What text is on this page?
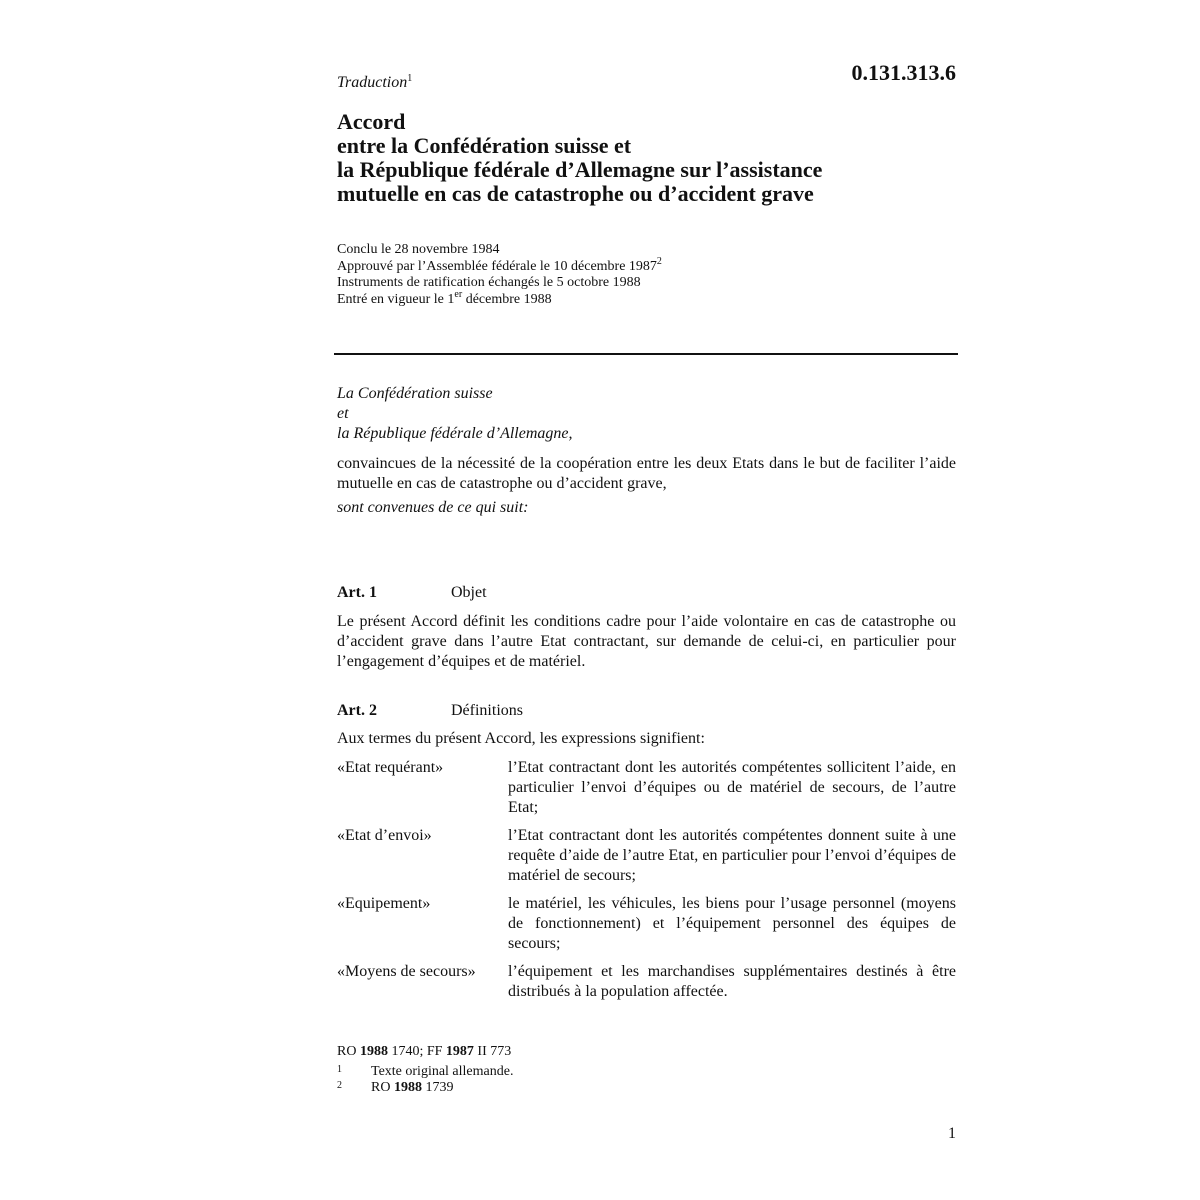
Traduction$^1$	0.131.313.6
Accord
entre la Confédération suisse et
la République fédérale d’Allemagne sur l’assistance
mutuelle en cas de catastrophe ou d’accident grave
Conclu le 28 novembre 1984
Approuvé par l’Assemblée fédérale le 10 décembre 1987$^2$
Instruments de ratification échangés le 5 octobre 1988
Entré en vigueur le 1er décembre 1988
La Confédération suisse
et
la République fédérale d’Allemagne,
convaincues de la nécessité de la coopération entre les deux Etats dans le but de faciliter l’aide mutuelle en cas de catastrophe ou d’accident grave,
sont convenues de ce qui suit:
Art. 1	Objet
Le présent Accord définit les conditions cadre pour l’aide volontaire en cas de catastrophe ou d’accident grave dans l’autre Etat contractant, sur demande de celui-ci, en particulier pour l’engagement d’équipes et de matériel.
Art. 2	Définitions
Aux termes du présent Accord, les expressions signifient:
«Etat requérant»	l’Etat contractant dont les autorités compétentes sollicitent l’aide, en particulier l’envoi d’équipes ou de matériel de secours, de l’autre Etat;
«Etat d’envoi»	l’Etat contractant dont les autorités compétentes donnent suite à une requête d’aide de l’autre Etat, en particulier pour l’envoi d’équipes de matériel de secours;
«Equipement»	le matériel, les véhicules, les biens pour l’usage personnel (moyens de fonctionnement) et l’équipement personnel des équipes de secours;
«Moyens de secours»	l’équipement et les marchandises supplémentaires destinés à être distribués à la population affectée.
RO 1988 1740; FF 1987 II 773
1	Texte original allemande.
2	RO 1988 1739
1
